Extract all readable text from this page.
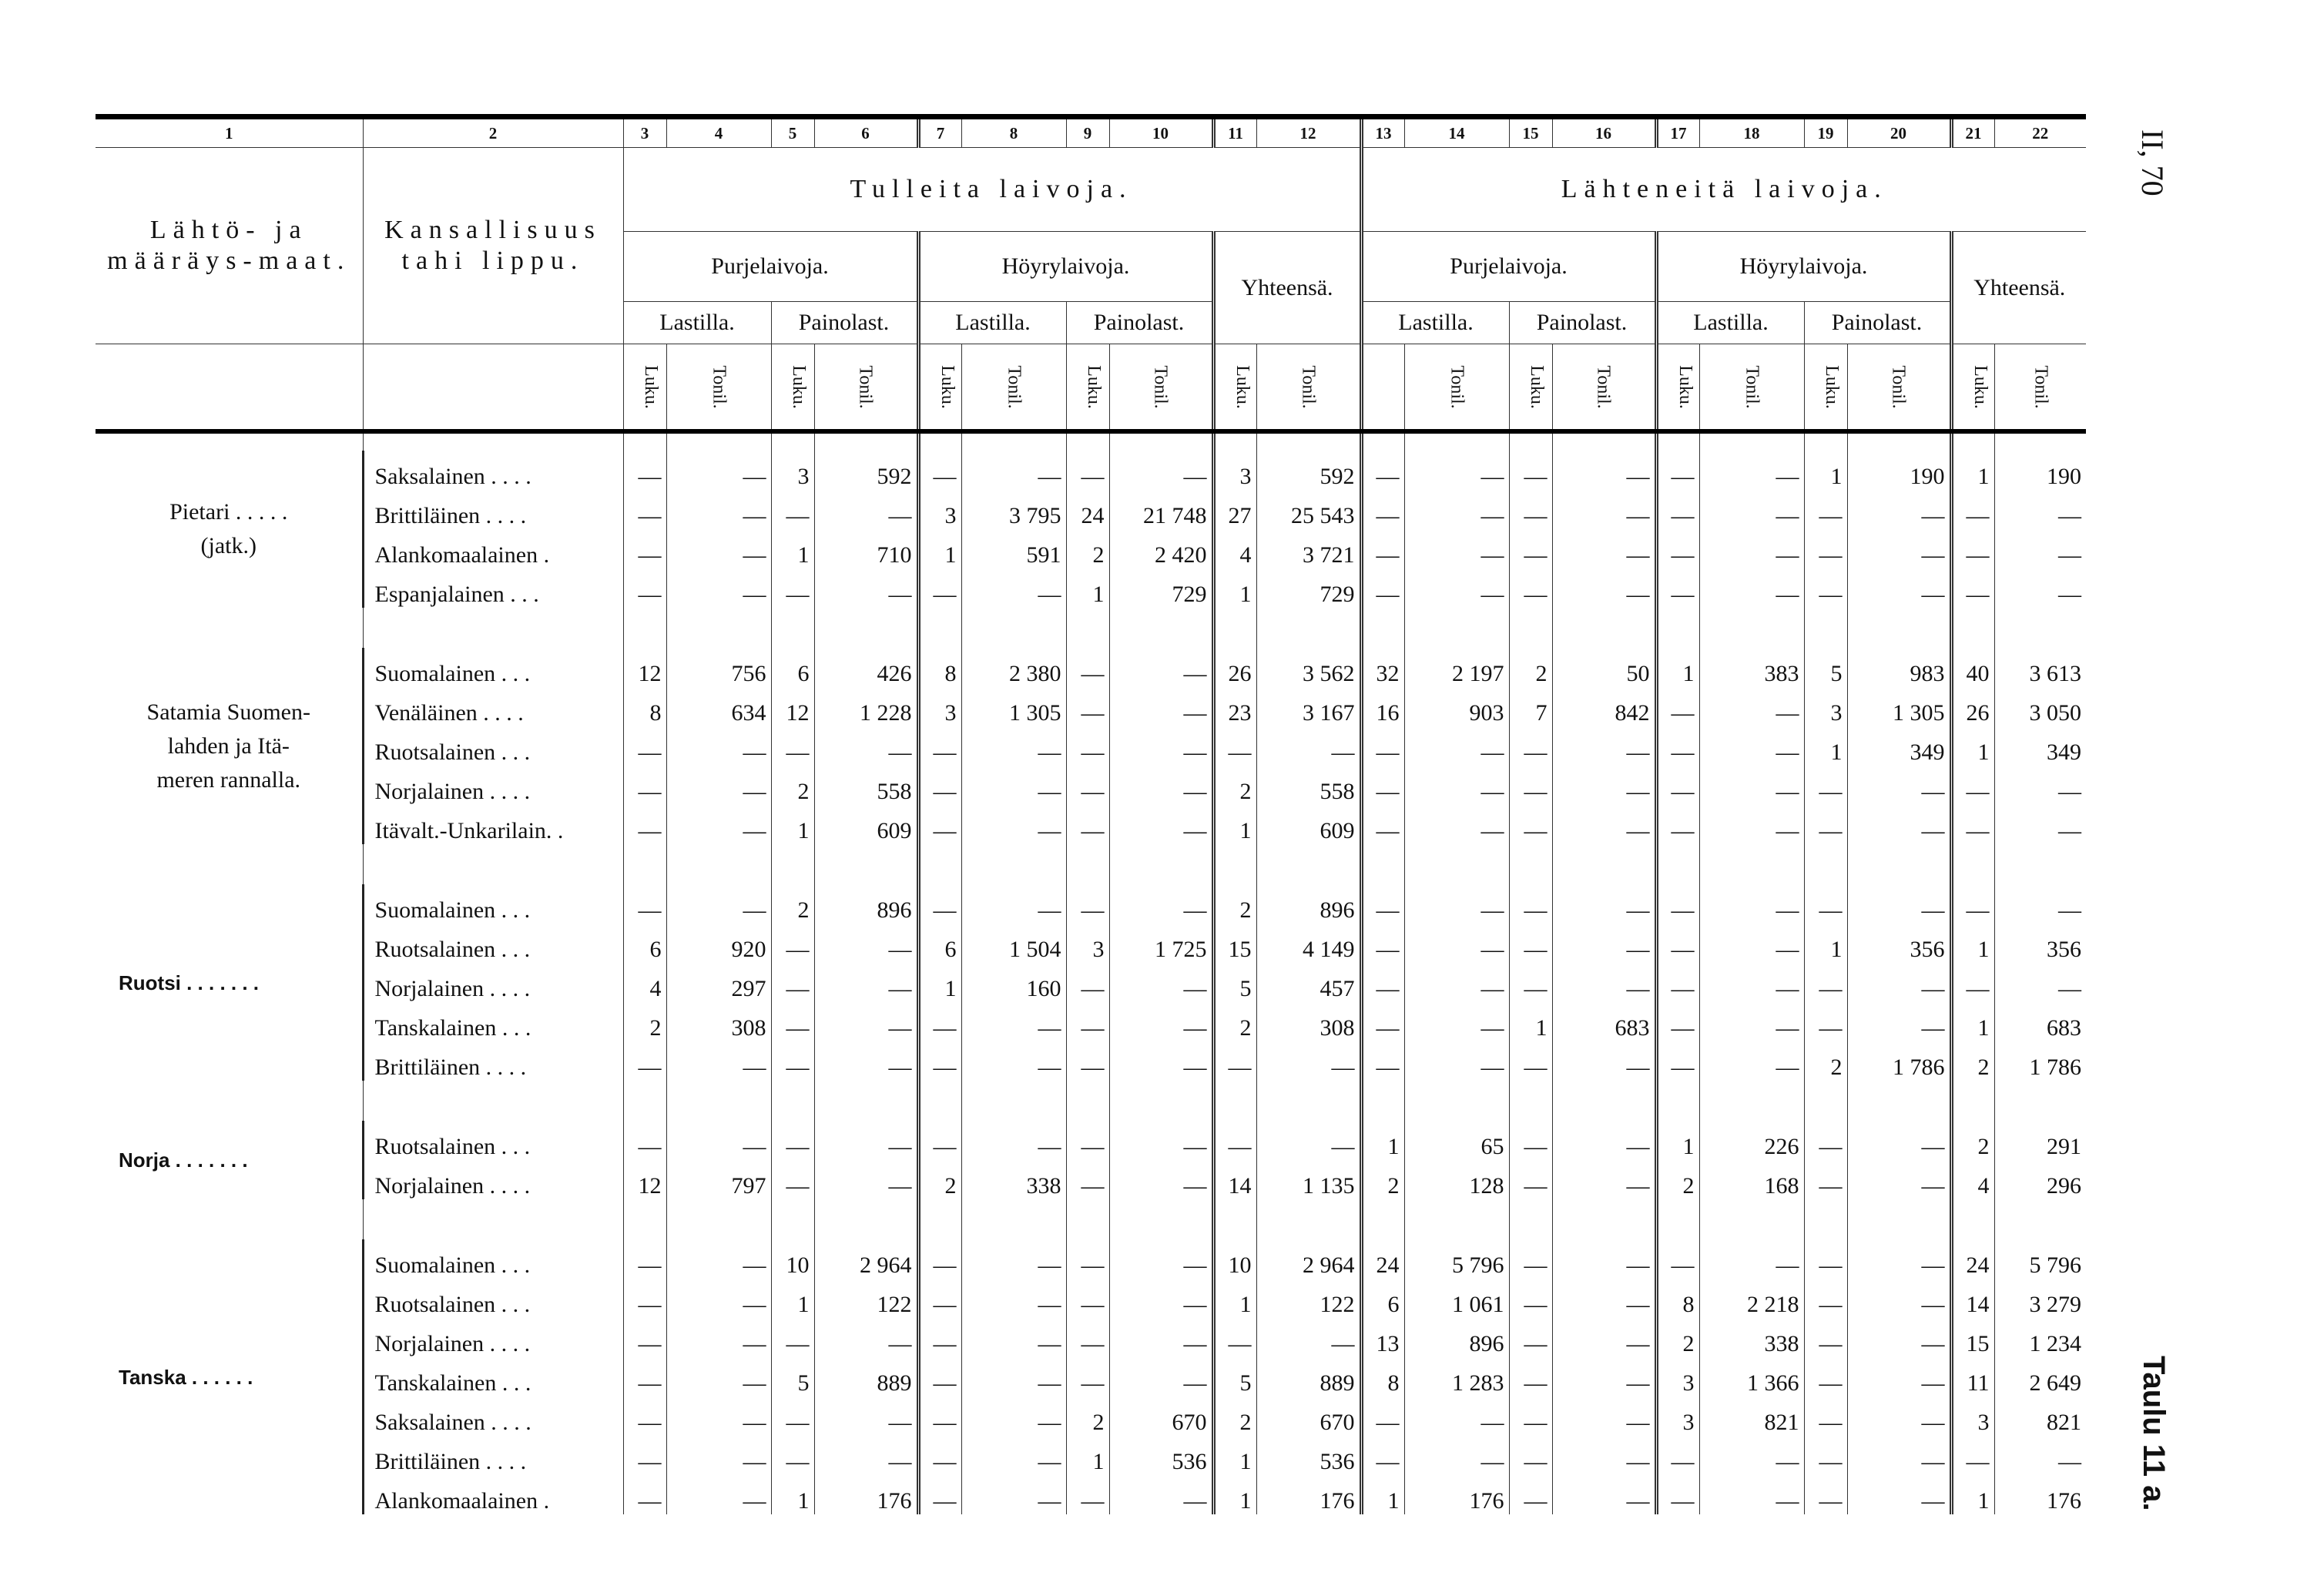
II, 70
Taulu 11 a.
1	2	3	4	5	6	7	8	9	10	11	12	13	14	15	16	17	18	19	20	21	22
Lähtö- ja määräys-maat.	Kansallisuus tahi lippu.	Tulleita laivoja.										Lähteneitä laivoja.									
		Purjelaivoja.				Höyrylaivoja.				Yhteensä.		Purjelaivoja.				Höyrylaivoja.				Yhteensä.	
		Lastilla.		Painolast.		Lastilla.		Painolast.				Lastilla.		Painolast.		Lastilla.		Painolast.			
		Luku.	Tonil.	Luku.	Tonil.	Luku.	Tonil.	Luku.	Tonil.	Luku.	Tonil.		Tonil.	Luku.	Tonil.	Luku.	Tonil.	Luku.	Tonil.	Luku.	Tonil.

Pietari . . . . .
(jatk.)	Saksalainen . . . .	—	—	3	592	—	—	—	—	3	592	—	—	—	—	—	—	1	190	1	190
	Brittiläinen . . . .	—	—	—	—	3	3 795	24	21 748	27	25 543	—	—	—	—	—	—	—	—	—	—
	Alankomaalainen .	—	—	1	710	1	591	2	2 420	4	3 721	—	—	—	—	—	—	—	—	—	—
	Espanjalainen . . .	—	—	—	—	—	—	1	729	1	729	—	—	—	—	—	—	—	—	—	—

Satamia Suomen-
lahden ja Itä-
meren rannalla.	Suomalainen . . .	12	756	6	426	8	2 380	—	—	26	3 562	32	2 197	2	50	1	383	5	983	40	3 613
	Venäläinen . . . .	8	634	12	1 228	3	1 305	—	—	23	3 167	16	903	7	842	—	—	3	1 305	26	3 050
	Ruotsalainen . . .	—	—	—	—	—	—	—	—	—	—	—	—	—	—	—	—	1	349	1	349
	Norjalainen . . . .	—	—	2	558	—	—	—	—	2	558	—	—	—	—	—	—	—	—	—	—
	Itävalt.-Unkarilain. .	—	—	1	609	—	—	—	—	1	609	—	—	—	—	—	—	—	—	—	—

Ruotsi . . . . . . .	Suomalainen . . .	—	—	2	896	—	—	—	—	2	896	—	—	—	—	—	—	—	—	—	—
	Ruotsalainen . . .	6	920	—	—	6	1 504	3	1 725	15	4 149	—	—	—	—	—	—	1	356	1	356
	Norjalainen . . . .	4	297	—	—	1	160	—	—	5	457	—	—	—	—	—	—	—	—	—	—
	Tanskalainen . . .	2	308	—	—	—	—	—	—	2	308	—	—	1	683	—	—	—	—	1	683
	Brittiläinen . . . .	—	—	—	—	—	—	—	—	—	—	—	—	—	—	—	—	2	1 786	2	1 786

Norja . . . . . . .	Ruotsalainen . . .	—	—	—	—	—	—	—	—	—	—	1	65	—	—	1	226	—	—	2	291
	Norjalainen . . . .	12	797	—	—	2	338	—	—	14	1 135	2	128	—	—	2	168	—	—	4	296

Tanska . . . . . .	Suomalainen . . .	—	—	10	2 964	—	—	—	—	10	2 964	24	5 796	—	—	—	—	—	—	24	5 796
	Ruotsalainen . . .	—	—	1	122	—	—	—	—	1	122	6	1 061	—	—	8	2 218	—	—	14	3 279
	Norjalainen . . . .	—	—	—	—	—	—	—	—	—	—	13	896	—	—	2	338	—	—	15	1 234
	Tanskalainen . . .	—	—	5	889	—	—	—	—	5	889	8	1 283	—	—	3	1 366	—	—	11	2 649
	Saksalainen . . . .	—	—	—	—	—	—	2	670	2	670	—	—	—	—	3	821	—	—	3	821
	Brittiläinen . . . .	—	—	—	—	—	—	1	536	1	536	—	—	—	—	—	—	—	—	—	—
	Alankomaalainen .	—	—	1	176	—	—	—	—	1	176	1	176	—	—	—	—	—	—	1	176
